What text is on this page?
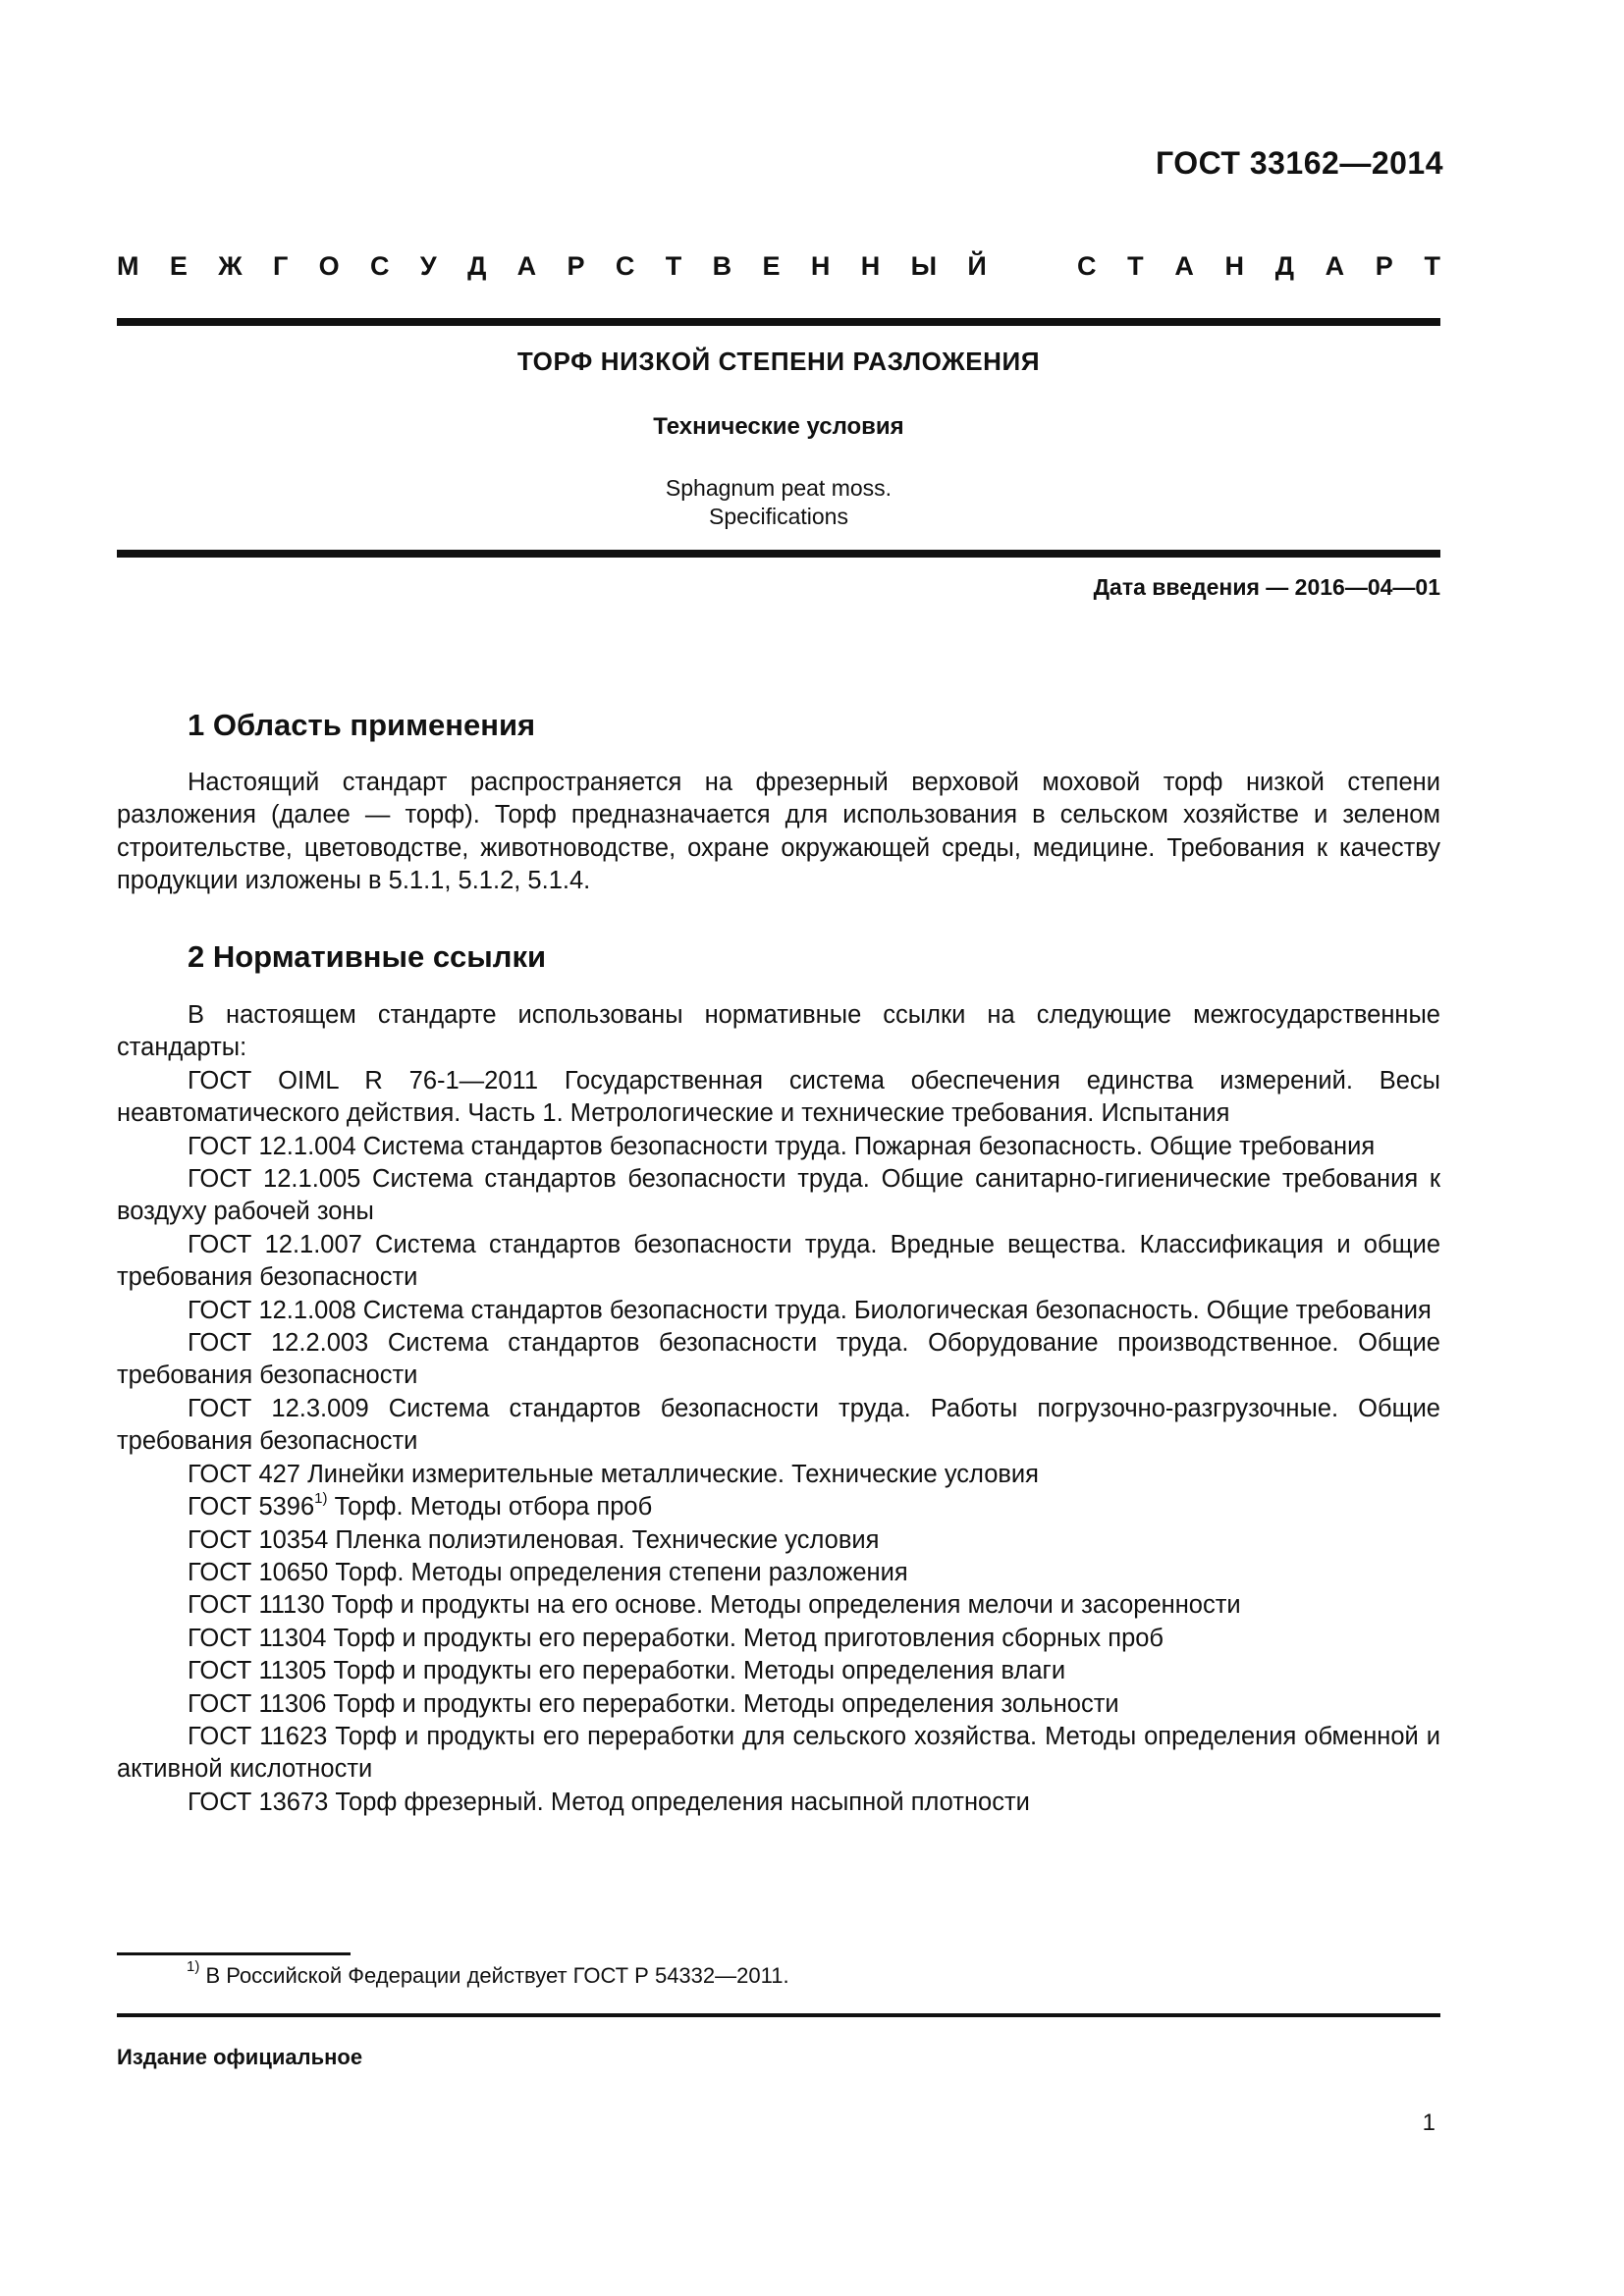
ГОСТ 33162—2014
М Е Ж Г О С У Д А Р С Т В Е Н Н Ы Й	С Т А Н Д А Р Т
ТОРФ НИЗКОЙ СТЕПЕНИ РАЗЛОЖЕНИЯ
Технические условия
Sphagnum peat moss.
Specifications
Дата введения — 2016—04—01
1 Область применения

Настоящий стандарт распространяется на фрезерный верховой моховой торф низкой степени разложения (далее — торф). Торф предназначается для использования в сельском хозяйстве и зеленом строительстве, цветоводстве, животноводстве, охране окружающей среды, медицине. Требования к качеству продукции изложены в 5.1.1, 5.1.2, 5.1.4.

2 Нормативные ссылки

В настоящем стандарте использованы нормативные ссылки на следующие межгосударственные стандарты:

ГОСТ OIML R 76-1—2011 Государственная система обеспечения единства измерений. Весы неавтоматического действия. Часть 1. Метрологические и технические требования. Испытания

ГОСТ 12.1.004 Система стандартов безопасности труда. Пожарная безопасность. Общие требования

ГОСТ 12.1.005 Система стандартов безопасности труда. Общие санитарно-гигиенические требования к воздуху рабочей зоны

ГОСТ 12.1.007 Система стандартов безопасности труда. Вредные вещества. Классификация и общие требования безопасности

ГОСТ 12.1.008 Система стандартов безопасности труда. Биологическая безопасность. Общие требования

ГОСТ 12.2.003 Система стандартов безопасности труда. Оборудование производственное. Общие требования безопасности

ГОСТ 12.3.009 Система стандартов безопасности труда. Работы погрузочно-разгрузочные. Общие требования безопасности

ГОСТ 427 Линейки измерительные металлические. Технические условия

ГОСТ 5396$^{1)}$ Торф. Методы отбора проб

ГОСТ 10354 Пленка полиэтиленовая. Технические условия

ГОСТ 10650 Торф. Методы определения степени разложения

ГОСТ 11130 Торф и продукты на его основе. Методы определения мелочи и засоренности

ГОСТ 11304 Торф и продукты его переработки. Метод приготовления сборных проб

ГОСТ 11305 Торф и продукты его переработки. Методы определения влаги

ГОСТ 11306 Торф и продукты его переработки. Методы определения зольности

ГОСТ 11623 Торф и продукты его переработки для сельского хозяйства. Методы определения обменной и активной кислотности

ГОСТ 13673 Торф фрезерный. Метод определения насыпной плотности

$^{1)}$ В Российской Федерации действует ГОСТ Р 54332—2011.
Издание официальное
1
